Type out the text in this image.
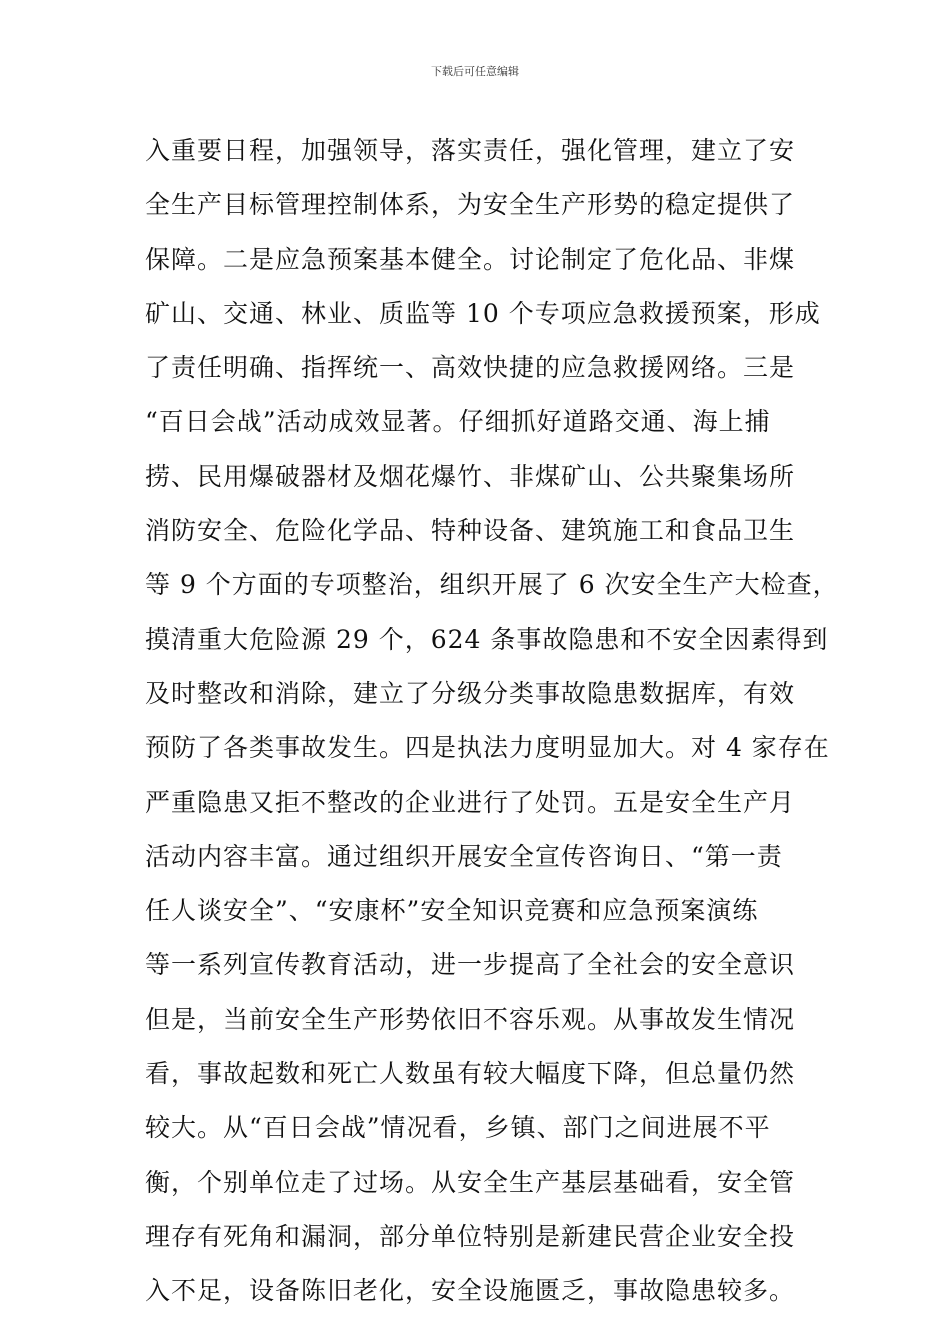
下载后可任意编辑
入重要日程，加强领导，落实责任，强化管理，建立了安
全生产目标管理控制体系，为安全生产形势的稳定提供了
保障。二是应急预案基本健全。讨论制定了危化品、非煤
矿山、交通、林业、质监等 10 个专项应急救援预案，形成
了责任明确、指挥统一、高效快捷的应急救援网络。三是
“百日会战”活动成效显著。仔细抓好道路交通、海上捕
捞、民用爆破器材及烟花爆竹、非煤矿山、公共聚集场所
消防安全、危险化学品、特种设备、建筑施工和食品卫生
等 9 个方面的专项整治，组织开展了 6 次安全生产大检查，
摸清重大危险源 29 个，624 条事故隐患和不安全因素得到
及时整改和消除，建立了分级分类事故隐患数据库，有效
预防了各类事故发生。四是执法力度明显加大。对 4 家存在
严重隐患又拒不整改的企业进行了处罚。五是安全生产月
活动内容丰富。通过组织开展安全宣传咨询日、“第一责
任人谈安全”、“安康杯”安全知识竞赛和应急预案演练
等一系列宣传教育活动，进一步提高了全社会的安全意识
但是，当前安全生产形势依旧不容乐观。从事故发生情况
看，事故起数和死亡人数虽有较大幅度下降，但总量仍然
较大。从“百日会战”情况看，乡镇、部门之间进展不平
衡，个别单位走了过场。从安全生产基层基础看，安全管
理存有死角和漏洞，部分单位特别是新建民营企业安全投
入不足，设备陈旧老化，安全设施匮乏，事故隐患较多。
